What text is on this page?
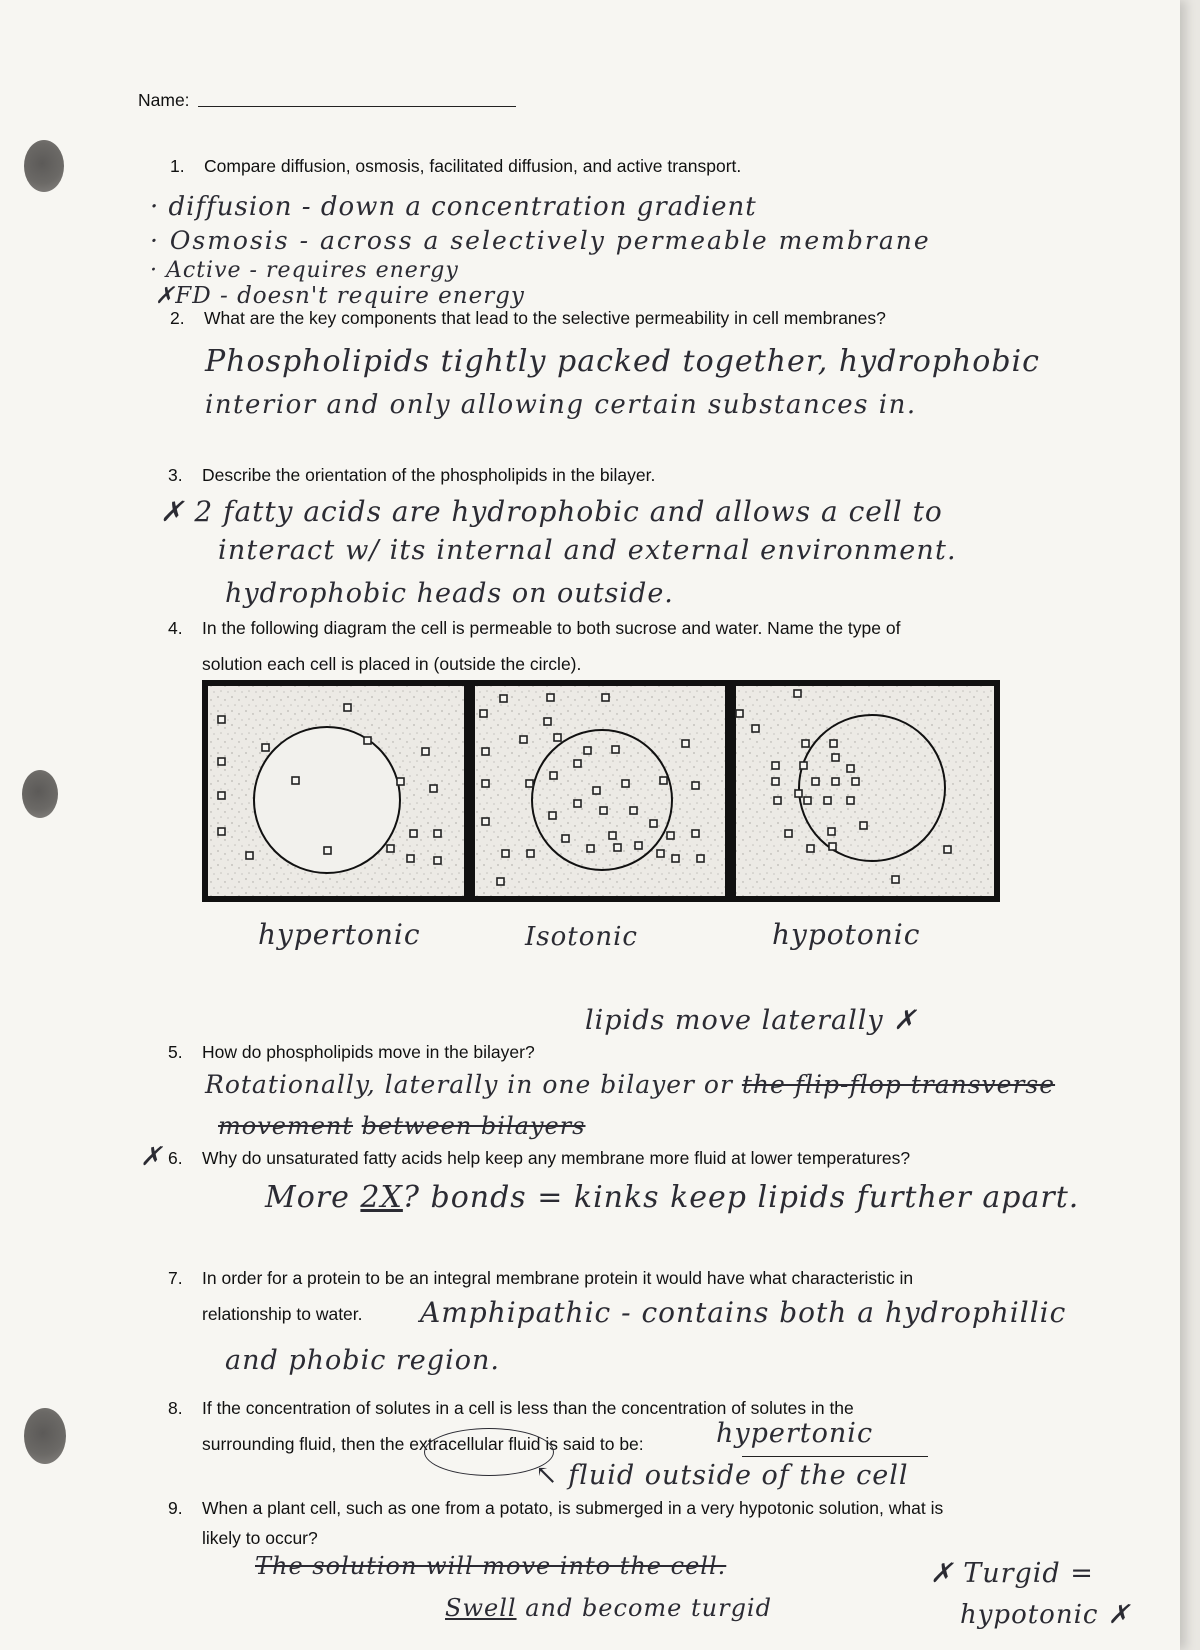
Name:
1. Compare diffusion, osmosis, facilitated diffusion, and active transport.
· diffusion - down a concentration gradient
· Osmosis - across a selectively permeable membrane
· Active - requires energy
✗FD - doesn't require energy
2. What are the key components that lead to the selective permeability in cell membranes?
Phospholipids tightly packed together, hydrophobic
interior and only allowing certain substances in.
3. Describe the orientation of the phospholipids in the bilayer.
✗ 2 fatty acids are hydrophobic and allows a cell to
interact w/ its internal and external environment.
hydrophobic heads on outside.
4. In the following diagram the cell is permeable to both sucrose and water. Name the type of
solution each cell is placed in (outside the circle).
hypertonic	Isotonic	hypotonic
5. How do phospholipids move in the bilayer?
lipids move laterally ✗
Rotationally, laterally in one bilayer or the flip-flop transverse
movement between bilayers
✗ 6. Why do unsaturated fatty acids help keep any membrane more fluid at lower temperatures?
More 2X? bonds = kinks keep lipids further apart.
7. In order for a protein to be an integral membrane protein it would have what characteristic in
relationship to water. Amphipathic - contains both a hydrophillic
and phobic region.
8. If the concentration of solutes in a cell is less than the concentration of solutes in the
surrounding fluid, then the extracellular fluid is said to be:	hypertonic
↖ fluid outside of the cell
9. When a plant cell, such as one from a potato, is submerged in a very hypotonic solution, what is
likely to occur?
The solution will move into the cell.
Swell and become turgid
✗ Turgid =
hypotonic ✗
